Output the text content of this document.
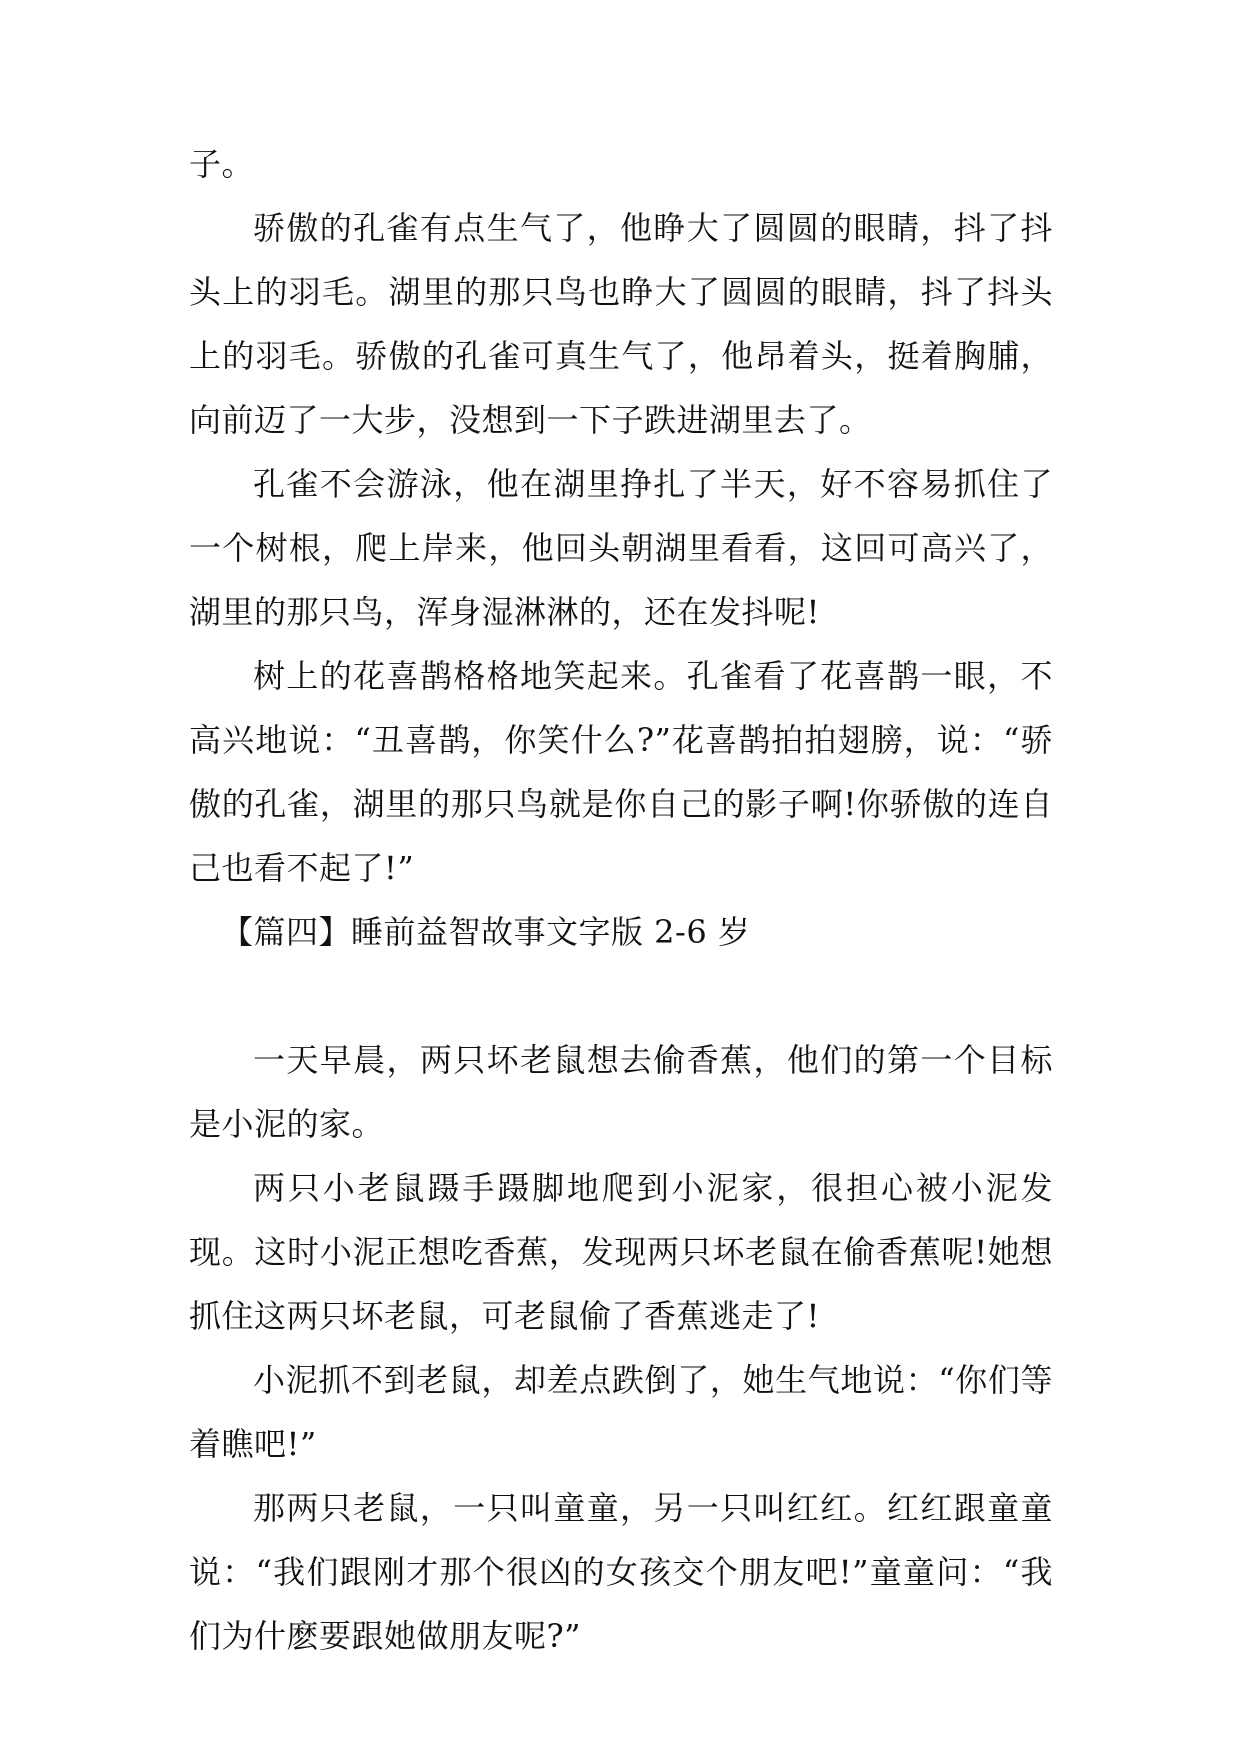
子。

骄傲的孔雀有点生气了，他睁大了圆圆的眼睛，抖了抖头上的羽毛。湖里的那只鸟也睁大了圆圆的眼睛，抖了抖头上的羽毛。骄傲的孔雀可真生气了，他昂着头，挺着胸脯，向前迈了一大步，没想到一下子跌进湖里去了。

孔雀不会游泳，他在湖里挣扎了半天，好不容易抓住了一个树根，爬上岸来，他回头朝湖里看看，这回可高兴了，湖里的那只鸟，浑身湿淋淋的，还在发抖呢!

树上的花喜鹊格格地笑起来。孔雀看了花喜鹊一眼，不高兴地说：“丑喜鹊，你笑什么?”花喜鹊拍拍翅膀，说：“骄傲的孔雀，湖里的那只鸟就是你自己的影子啊!你骄傲的连自己也看不起了!”

【篇四】睡前益智故事文字版 2-6 岁

一天早晨，两只坏老鼠想去偷香蕉，他们的第一个目标是小泥的家。

两只小老鼠蹑手蹑脚地爬到小泥家，很担心被小泥发现。这时小泥正想吃香蕉，发现两只坏老鼠在偷香蕉呢!她想抓住这两只坏老鼠，可老鼠偷了香蕉逃走了!

小泥抓不到老鼠，却差点跌倒了，她生气地说：“你们等着瞧吧!”

那两只老鼠，一只叫童童，另一只叫红红。红红跟童童说：“我们跟刚才那个很凶的女孩交个朋友吧!”童童问：“我们为什麽要跟她做朋友呢?”
